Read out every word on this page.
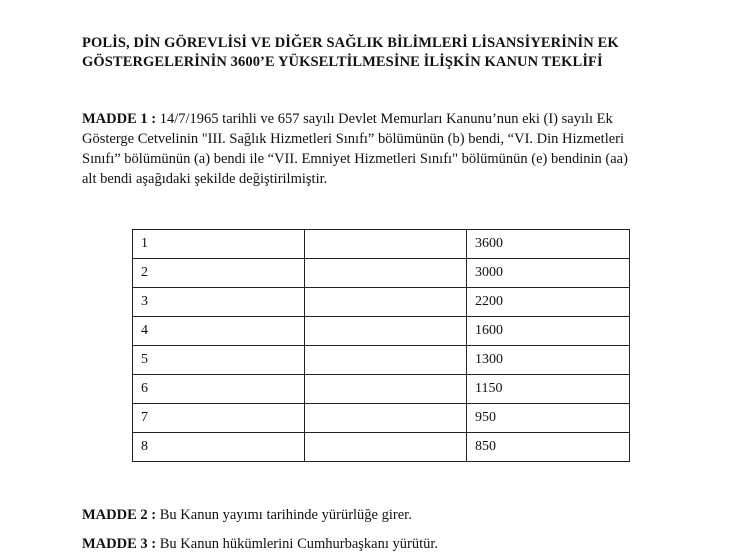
POLİS, DİN GÖREVLİSİ VE DİĞER SAĞLIK BİLİMLERİ LİSANSİYERİNİN EK
GÖSTERGELERİNİN 3600’E YÜKSELTİLMESİNE İLİŞKİN KANUN TEKLİFİ
MADDE 1 : 14/7/1965 tarihli ve 657 sayılı Devlet Memurları Kanunu’nun eki (I) sayılı Ek
Gösterge Cetvelinin "III. Sağlık Hizmetleri Sınıfı” bölümünün (b) bendi, “VI. Din Hizmetleri
Sınıfı” bölümünün (a) bendi ile “VII. Emniyet Hizmetleri Sınıfı" bölümünün (e) bendinin (aa)
alt bendi aşağıdaki şekilde değiştirilmiştir.
1		3600

2		3000

3		2200

4		1600

5		1300

6		1150

7		950

8		850
MADDE 2 : Bu Kanun yayımı tarihinde yürürlüğe girer.
MADDE 3 : Bu Kanun hükümlerini Cumhurbaşkanı yürütür.
